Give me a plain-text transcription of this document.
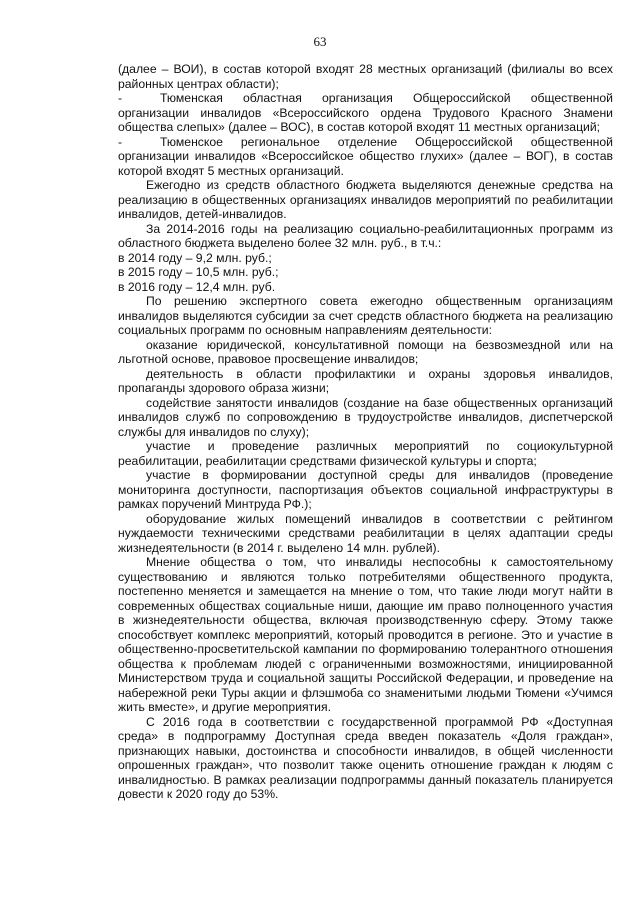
63

(далее – ВОИ), в состав которой входят 28 местных организаций (филиалы во всех районных центрах области);

-	Тюменская областная организация Общероссийской общественной организации инвалидов «Всероссийского ордена Трудового Красного Знамени общества слепых» (далее – ВОС), в состав которой входят 11 местных организаций;

-	Тюменское региональное отделение Общероссийской общественной организации инвалидов «Всероссийское общество глухих» (далее – ВОГ), в состав которой входят 5 местных организаций.

Ежегодно из средств областного бюджета выделяются денежные средства на реализацию в общественных организациях инвалидов мероприятий по реабилитации инвалидов, детей-инвалидов.

За 2014-2016 годы на реализацию социально-реабилитационных программ из областного бюджета выделено более 32 млн. руб., в т.ч.:

в 2014 году – 9,2 млн. руб.;

в 2015 году – 10,5 млн. руб.;

в 2016 году – 12,4 млн. руб.

По решению экспертного совета ежегодно общественным организациям инвалидов выделяются субсидии за счет средств областного бюджета на реализацию социальных программ по основным направлениям деятельности:

оказание юридической, консультативной помощи на безвозмездной или на льготной основе, правовое просвещение инвалидов;

деятельность в области профилактики и охраны здоровья инвалидов, пропаганды здорового образа жизни;

содействие занятости инвалидов (создание на базе общественных организаций инвалидов служб по сопровождению в трудоустройстве инвалидов, диспетчерской службы для инвалидов по слуху);

участие и проведение различных мероприятий по социокультурной реабилитации, реабилитации средствами физической культуры и спорта;

участие в формировании доступной среды для инвалидов (проведение мониторинга доступности, паспортизация объектов социальной инфраструктуры в рамках поручений Минтруда РФ.);

оборудование жилых помещений инвалидов в соответствии с рейтингом нуждаемости техническими средствами реабилитации в целях адаптации среды жизнедеятельности (в 2014 г. выделено 14 млн. рублей).

Мнение общества о том, что инвалиды неспособны к самостоятельному существованию и являются только потребителями общественного продукта, постепенно меняется и замещается на мнение о том, что такие люди могут найти в современных обществах социальные ниши, дающие им право полноценного участия в жизнедеятельности общества, включая производственную сферу. Этому также способствует комплекс мероприятий, который проводится в регионе. Это и участие в общественно-просветительской кампании по формированию толерантного отношения общества к проблемам людей с ограниченными возможностями, инициированной Министерством труда и социальной защиты Российской Федерации, и проведение на набережной реки Туры акции и флэшмоба со знаменитыми людьми Тюмени «Учимся жить вместе», и другие мероприятия.

С 2016 года в соответствии с государственной программой РФ «Доступная среда» в подпрограмму Доступная среда введен показатель «Доля граждан», признающих навыки, достоинства и способности инвалидов, в общей численности опрошенных граждан», что позволит также оценить отношение граждан к людям с инвалидностью. В рамках реализации подпрограммы данный показатель планируется довести к 2020 году до 53%.
